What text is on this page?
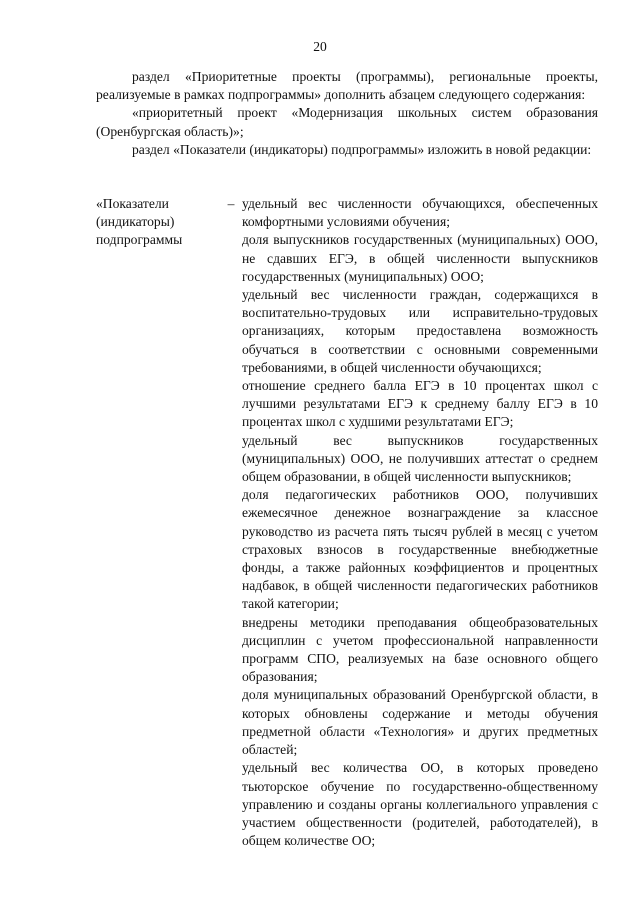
20

раздел «Приоритетные проекты (программы), региональные проекты, реализуемые в рамках подпрограммы» дополнить абзацем следующего содержания:

«приоритетный проект «Модернизация школьных систем образования (Оренбургская область)»;

раздел «Показатели (индикаторы) подпрограммы» изложить в новой редакции:

«Показатели (индикаторы) подпрограммы
– удельный вес численности обучающихся, обеспеченных комфортными условиями обучения;

доля выпускников государственных (муниципальных) ООО, не сдавших ЕГЭ, в общей численности выпускников государственных (муниципальных) ООО;

удельный вес численности граждан, содержащихся в воспитательно-трудовых или исправительно-трудовых организациях, которым предоставлена возможность обучаться в соответствии с основными современными требованиями, в общей численности обучающихся;

отношение среднего балла ЕГЭ в 10 процентах школ с лучшими результатами ЕГЭ к среднему баллу ЕГЭ в 10 процентах школ с худшими результатами ЕГЭ;

удельный вес выпускников государственных (муниципальных) ООО, не получивших аттестат о среднем общем образовании, в общей численности выпускников;

доля педагогических работников ООО, получивших ежемесячное денежное вознаграждение за классное руководство из расчета пять тысяч рублей в месяц с учетом страховых взносов в государственные внебюджетные фонды, а также районных коэффициентов и процентных надбавок, в общей численности педагогических работников такой категории;

внедрены методики преподавания общеобразовательных дисциплин с учетом профессиональной направленности программ СПО, реализуемых на базе основного общего образования;

доля муниципальных образований Оренбургской области, в которых обновлены содержание и методы обучения предметной области «Технология» и других предметных областей;

удельный вес количества ОО, в которых проведено тьюторское обучение по государственно-общественному управлению и созданы органы коллегиального управления с участием общественности (родителей, работодателей), в общем количестве ОО;
